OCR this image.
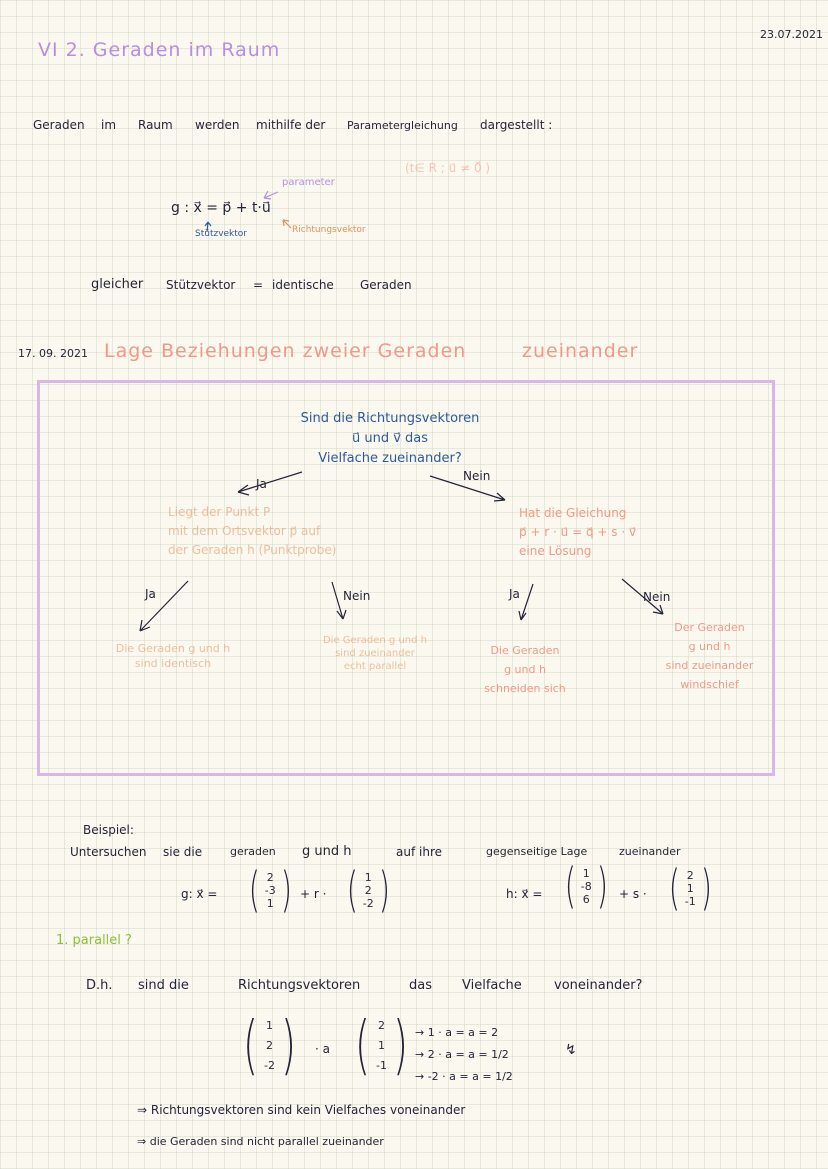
23.07.2021
VI 2. Geraden im Raum
Geraden im Raum werden mithilfe der Parametergleichung dargestellt :
(t∈ R ; u⃗ ≠ 0⃗ )
parameter
g : x⃗ = p⃗ + t·u⃗
Stützvektor	Richtungsvektor
gleicher Stützvektor = identische Geraden
17. 09. 2021 Lage Beziehungen zweier Geraden	zueinander
Sind die Richtungsvektoren
u⃗ und v⃗ das
Vielfache zueinander?
Ja
Nein
Liegt der Punkt P
mit dem Ortsvektor p⃗ auf
der Geraden h (Punktprobe)
Hat die Gleichung
p⃗ + r · u⃗ = q⃗ + s · v⃗
eine Lösung
Ja	Nein	Ja	Nein
Die Geraden g und h
sind identisch
Die Geraden g und h
sind zueinander
echt parallel
Die Geraden
g und h
schneiden sich
Der Geraden
g und h
sind zueinander
windschief
Beispiel:
Untersuchen sie die	geraden g und h	auf ihre	gegenseitige Lage	zueinander
g: x⃗ = ( 2
-3
1 ) + r · ( 1
2
-2 )	h: x⃗ = ( 1
-8
6 ) + s · ( 2
1
-1 )
1. parallel ?
D.h. sind die	Richtungsvektoren	das Vielfache voneinander?
( 1
2
-2 ) · a ( 2
1
-1 ) → 1 · a = a = 2
→ 2 · a = a = 1/2
→ -2 · a = a = 1/2
↯
⇒ Richtungsvektoren sind kein Vielfaches voneinander
⇒ die Geraden sind nicht parallel zueinander
